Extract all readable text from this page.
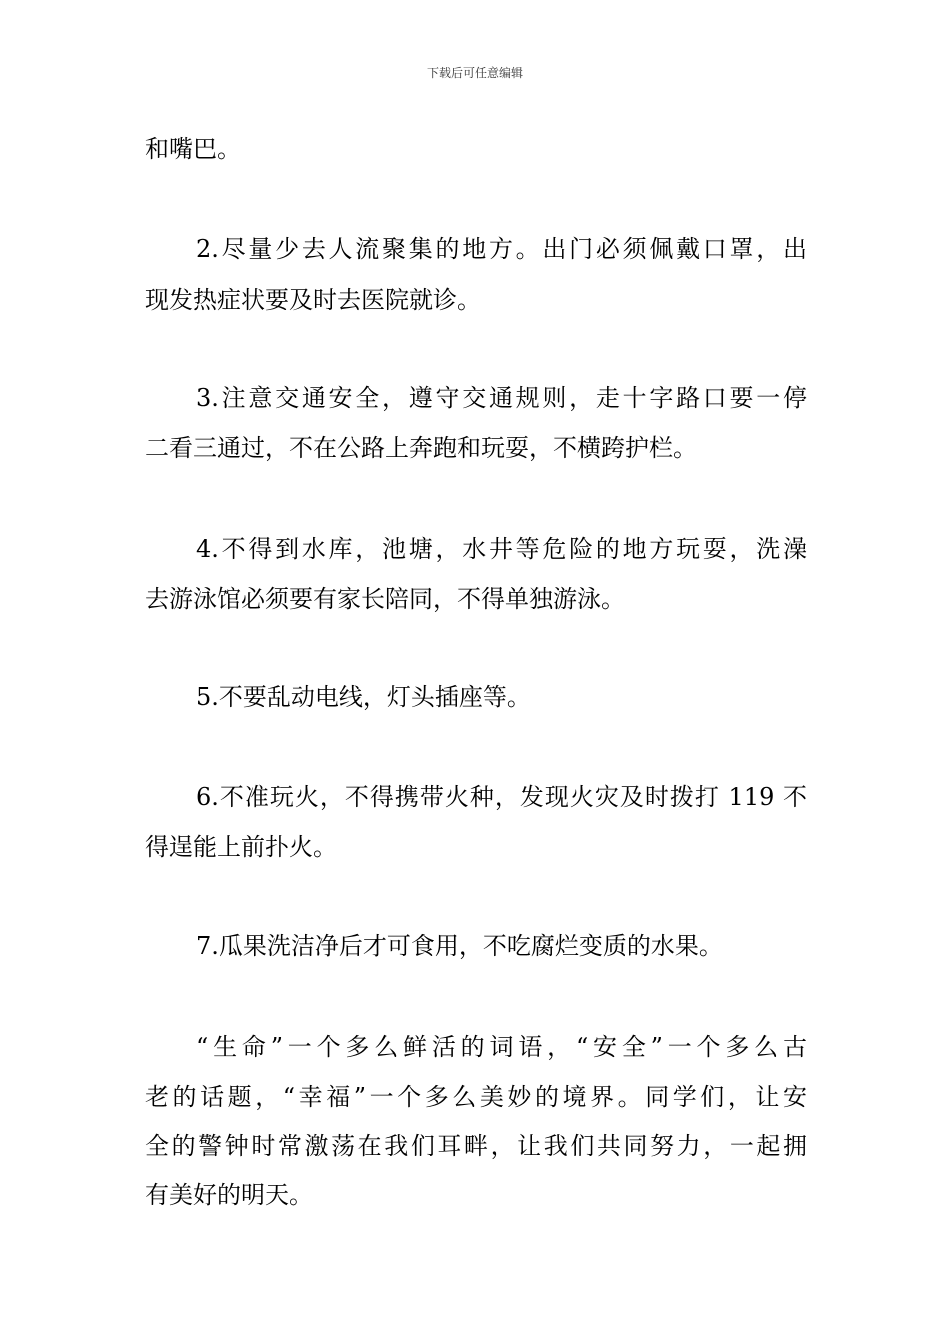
下载后可任意编辑
和嘴巴。
2.尽量少去人流聚集的地方。出门必须佩戴口罩，出
现发热症状要及时去医院就诊。
3.注意交通安全，遵守交通规则，走十字路口要一停
二看三通过，不在公路上奔跑和玩耍，不横跨护栏。
4.不得到水库，池塘，水井等危险的地方玩耍，洗澡
去游泳馆必须要有家长陪同，不得单独游泳。
5.不要乱动电线，灯头插座等。
6.不准玩火，不得携带火种，发现火灾及时拨打 119 不
得逞能上前扑火。
7.瓜果洗洁净后才可食用，不吃腐烂变质的水果。
“生命”一个多么鲜活的词语，“安全”一个多么古
老的话题，“幸福”一个多么美妙的境界。同学们，让安
全的警钟时常激荡在我们耳畔，让我们共同努力，一起拥
有美好的明天。
